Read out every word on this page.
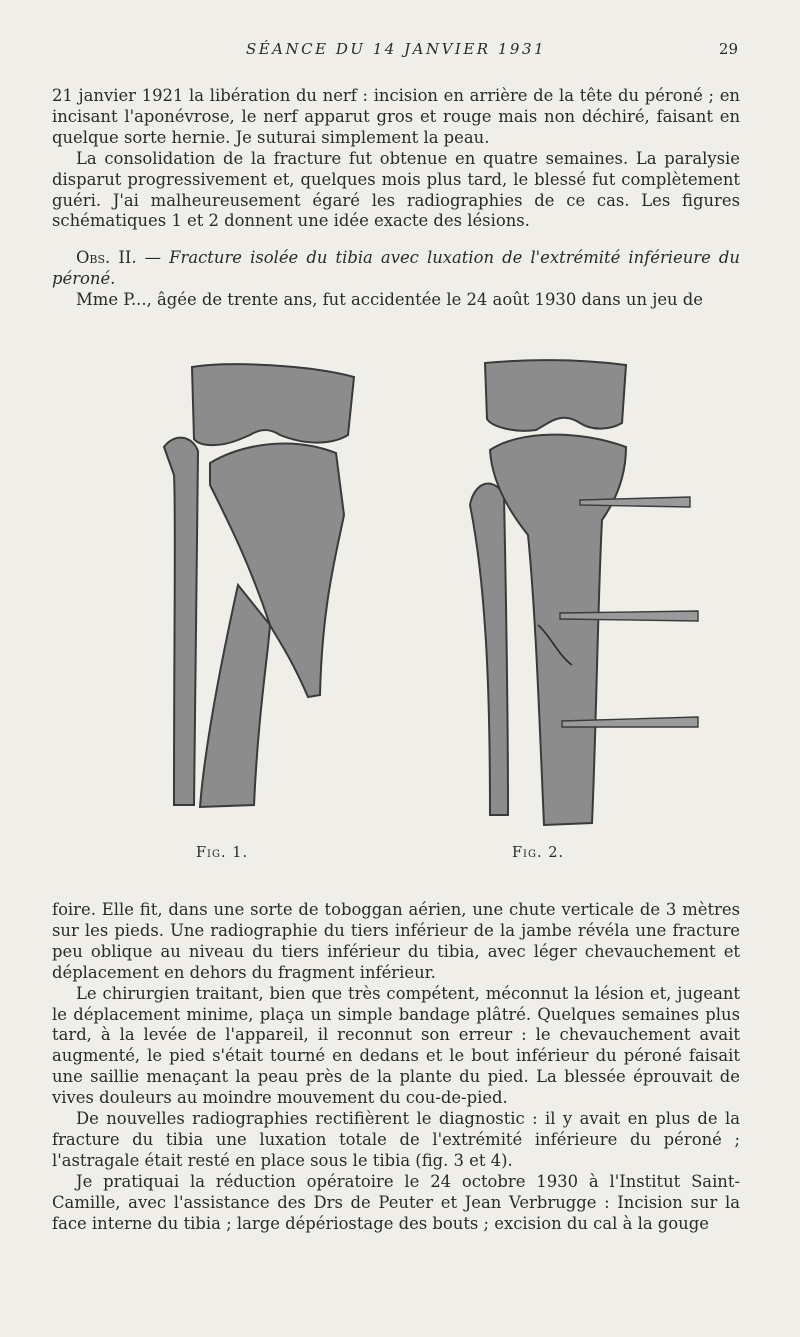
SÉANCE DU 14 JANVIER 1931	29

21 janvier 1921 la libération du nerf : incision en arrière de la tête du péroné ; en incisant l'aponévrose, le nerf apparut gros et rouge mais non déchiré, faisant en quelque sorte hernie. Je suturai simplement la peau.

La consolidation de la fracture fut obtenue en quatre semaines. La paralysie disparut progressivement et, quelques mois plus tard, le blessé fut complètement guéri. J'ai malheureusement égaré les radiographies de ce cas. Les figures schématiques 1 et 2 donnent une idée exacte des lésions.

Obs. II. — Fracture isolée du tibia avec luxation de l'extrémité inférieure du péroné.

Mme P..., âgée de trente ans, fut accidentée le 24 août 1930 dans un jeu de

Fig. 1.	Fig. 2.

foire. Elle fit, dans une sorte de toboggan aérien, une chute verticale de 3 mètres sur les pieds. Une radiographie du tiers inférieur de la jambe révéla une fracture peu oblique au niveau du tiers inférieur du tibia, avec léger chevauchement et déplacement en dehors du fragment inférieur.

Le chirurgien traitant, bien que très compétent, méconnut la lésion et, jugeant le déplacement minime, plaça un simple bandage plâtré. Quelques semaines plus tard, à la levée de l'appareil, il reconnut son erreur : le chevauchement avait augmenté, le pied s'était tourné en dedans et le bout inférieur du péroné faisait une saillie menaçant la peau près de la plante du pied. La blessée éprouvait de vives douleurs au moindre mouvement du cou-de-pied.

De nouvelles radiographies rectifièrent le diagnostic : il y avait en plus de la fracture du tibia une luxation totale de l'extrémité inférieure du péroné ; l'astragale était resté en place sous le tibia (fig. 3 et 4).

Je pratiquai la réduction opératoire le 24 octobre 1930 à l'Institut Saint-Camille, avec l'assistance des Drs de Peuter et Jean Verbrugge : Incision sur la face interne du tibia ; large dépériostage des bouts ; excision du cal à la gouge
